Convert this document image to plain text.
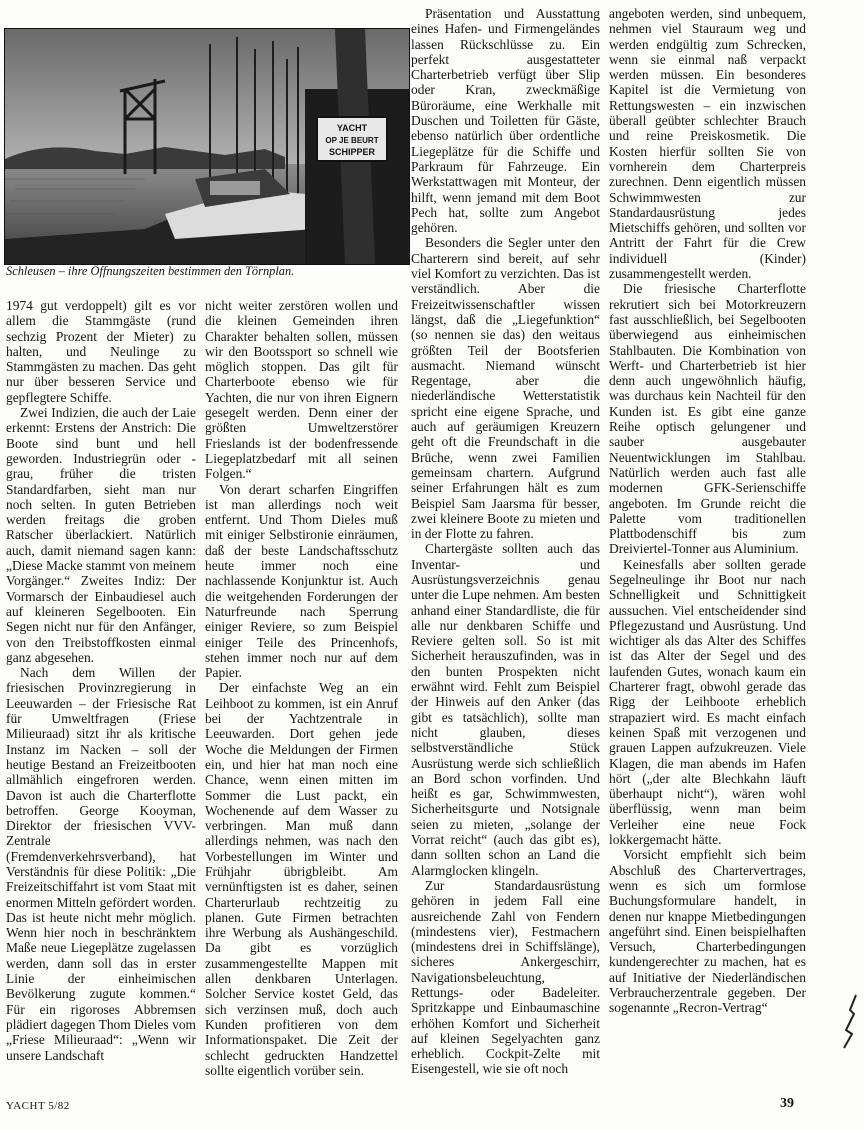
YACHT
OP JE BEURT
SCHIPPER

Schleusen – ihre Öffnungszeiten bestimmen den Törnplan.

1974 gut verdoppelt) gilt es vor allem die Stammgäste (rund sechzig Prozent der Mieter) zu halten, und Neulinge zu Stammgästen zu machen. Das geht nur über besseren Service und gepflegtere Schiffe.

Zwei Indizien, die auch der Laie erkennt: Erstens der Anstrich: Die Boote sind bunt und hell geworden. Industriegrün oder -grau, früher die tristen Standardfarben, sieht man nur noch selten. In guten Betrieben werden freitags die groben Ratscher überlackiert. Natürlich auch, damit niemand sagen kann: „Diese Macke stammt von meinem Vorgänger.“ Zweites Indiz: Der Vormarsch der Einbaudiesel auch auf kleineren Segelbooten. Ein Segen nicht nur für den Anfänger, von den Treibstoffkosten einmal ganz abgesehen.

Nach dem Willen der friesischen Provinzregierung in Leeuwarden – der Friesische Rat für Umweltfragen (Friese Milieuraad) sitzt ihr als kritische Instanz im Nacken – soll der heutige Bestand an Freizeitbooten allmählich eingefroren werden. Davon ist auch die Charterflotte betroffen. George Kooyman, Direktor der friesischen VVV-Zentrale (Fremdenverkehrsverband), hat Verständnis für diese Politik: „Die Freizeitschiffahrt ist vom Staat mit enormen Mitteln gefördert worden. Das ist heute nicht mehr möglich. Wenn hier noch in beschränktem Maße neue Liegeplätze zugelassen werden, dann soll das in erster Linie der einheimischen Bevölkerung zugute kommen.“ Für ein rigoroses Abbremsen plädiert dagegen Thom Dieles vom „Friese Milieuraad“: „Wenn wir unsere Landschaft

nicht weiter zerstören wollen und die kleinen Gemeinden ihren Charakter behalten sollen, müssen wir den Bootssport so schnell wie möglich stoppen. Das gilt für Charterboote ebenso wie für Yachten, die nur von ihren Eignern gesegelt werden. Denn einer der größten Umweltzerstörer Frieslands ist der bodenfressende Liegeplatzbedarf mit all seinen Folgen.“

Von derart scharfen Eingriffen ist man allerdings noch weit entfernt. Und Thom Dieles muß mit einiger Selbstironie einräumen, daß der beste Landschaftsschutz heute immer noch eine nachlassende Konjunktur ist. Auch die weitgehenden Forderungen der Naturfreunde nach Sperrung einiger Reviere, so zum Beispiel einiger Teile des Princenhofs, stehen immer noch nur auf dem Papier.

Der einfachste Weg an ein Leihboot zu kommen, ist ein Anruf bei der Yachtzentrale in Leeuwarden. Dort gehen jede Woche die Meldungen der Firmen ein, und hier hat man noch eine Chance, wenn einen mitten im Sommer die Lust packt, ein Wochenende auf dem Wasser zu verbringen. Man muß dann allerdings nehmen, was nach den Vorbestellungen im Winter und Frühjahr übrigbleibt. Am vernünftigsten ist es daher, seinen Charterurlaub rechtzeitig zu planen. Gute Firmen betrachten ihre Werbung als Aushängeschild. Da gibt es vorzüglich zusammengestellte Mappen mit allen denkbaren Unterlagen. Solcher Service kostet Geld, das sich verzinsen muß, doch auch Kunden profitieren von dem Informationspaket. Die Zeit der schlecht gedruckten Handzettel sollte eigentlich vorüber sein.

Präsentation und Ausstattung eines Hafen- und Firmengeländes lassen Rückschlüsse zu. Ein perfekt ausgestatteter Charterbetrieb verfügt über Slip oder Kran, zweckmäßige Büroräume, eine Werkhalle mit Duschen und Toiletten für Gäste, ebenso natürlich über ordentliche Liegeplätze für die Schiffe und Parkraum für Fahrzeuge. Ein Werkstattwagen mit Monteur, der hilft, wenn jemand mit dem Boot Pech hat, sollte zum Angebot gehören.

Besonders die Segler unter den Charterern sind bereit, auf sehr viel Komfort zu verzichten. Das ist verständlich. Aber die Freizeitwissenschaftler wissen längst, daß die „Liegefunktion“ (so nennen sie das) den weitaus größten Teil der Bootsferien ausmacht. Niemand wünscht Regentage, aber die niederländische Wetterstatistik spricht eine eigene Sprache, und auch auf geräumigen Kreuzern geht oft die Freundschaft in die Brüche, wenn zwei Familien gemeinsam chartern. Aufgrund seiner Erfahrungen hält es zum Beispiel Sam Jaarsma für besser, zwei kleinere Boote zu mieten und in der Flotte zu fahren.

Chartergäste sollten auch das Inventar- und Ausrüstungsverzeichnis genau unter die Lupe nehmen. Am besten anhand einer Standardliste, die für alle nur denkbaren Schiffe und Reviere gelten soll. So ist mit Sicherheit herauszufinden, was in den bunten Prospekten nicht erwähnt wird. Fehlt zum Beispiel der Hinweis auf den Anker (das gibt es tatsächlich), sollte man nicht glauben, dieses selbstverständliche Stück Ausrüstung werde sich schließlich an Bord schon vorfinden. Und heißt es gar, Schwimmwesten, Sicherheitsgurte und Notsignale seien zu mieten, „solange der Vorrat reicht“ (auch das gibt es), dann sollten schon an Land die Alarmglocken klingeln.

Zur Standardausrüstung gehören in jedem Fall eine ausreichende Zahl von Fendern (mindestens vier), Festmachern (mindestens drei in Schiffslänge), sicheres Ankergeschirr, Navigationsbeleuchtung, Rettungs- oder Badeleiter. Spritzkappe und Einbaumaschine erhöhen Komfort und Sicherheit auf kleinen Segelyachten ganz erheblich. Cockpit-Zelte mit Eisengestell, wie sie oft noch

angeboten werden, sind unbequem, nehmen viel Stauraum weg und werden endgültig zum Schrecken, wenn sie einmal naß verpackt werden müssen. Ein besonderes Kapitel ist die Vermietung von Rettungswesten – ein inzwischen überall geübter schlechter Brauch und reine Preiskosmetik. Die Kosten hierfür sollten Sie von vornherein dem Charterpreis zurechnen. Denn eigentlich müssen Schwimmwesten zur Standardausrüstung jedes Mietschiffs gehören, und sollten vor Antritt der Fahrt für die Crew individuell (Kinder) zusammengestellt werden.

Die friesische Charterflotte rekrutiert sich bei Motorkreuzern fast ausschließlich, bei Segelbooten überwiegend aus einheimischen Stahlbauten. Die Kombination von Werft- und Charterbetrieb ist hier denn auch ungewöhnlich häufig, was durchaus kein Nachteil für den Kunden ist. Es gibt eine ganze Reihe optisch gelungener und sauber ausgebauter Neuentwicklungen im Stahlbau. Natürlich werden auch fast alle modernen GFK-Serienschiffe angeboten. Im Grunde reicht die Palette vom traditionellen Plattbodenschiff bis zum Dreiviertel-Tonner aus Aluminium.

Keinesfalls aber sollten gerade Segelneulinge ihr Boot nur nach Schnelligkeit und Schnittigkeit aussuchen. Viel entscheidender sind Pflegezustand und Ausrüstung. Und wichtiger als das Alter des Schiffes ist das Alter der Segel und des laufenden Gutes, wonach kaum ein Charterer fragt, obwohl gerade das Rigg der Leihboote erheblich strapaziert wird. Es macht einfach keinen Spaß mit verzogenen und grauen Lappen aufzukreuzen. Viele Klagen, die man abends im Hafen hört („der alte Blechkahn läuft überhaupt nicht“), wären wohl überflüssig, wenn man beim Verleiher eine neue Fock lokkergemacht hätte.

Vorsicht empfiehlt sich beim Abschluß des Chartervertrages, wenn es sich um formlose Buchungsformulare handelt, in denen nur knappe Mietbedingungen angeführt sind. Einen beispielhaften Versuch, Charterbedingungen kundengerechter zu machen, hat es auf Initiative der Niederländischen Verbraucherzentrale gegeben. Der sogenannte „Recron-Vertrag“

YACHT 5/82	39
